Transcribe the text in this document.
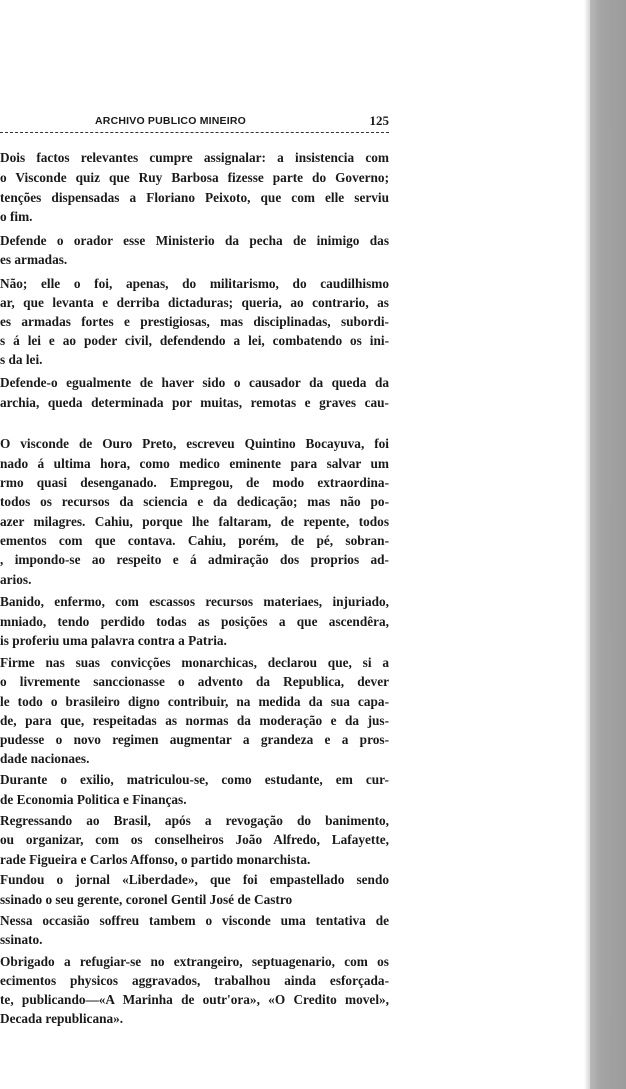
ARCHIVO PUBLICO MINEIRO	125
Dois factos relevantes cumpre assignalar: a insistencia com
o Visconde quiz que Ruy Barbosa fizesse parte do Governo;
tenções dispensadas a Floriano Peixoto, que com elle serviu
o fim.
Defende o orador esse Ministerio da pecha de inimigo das
es armadas.
Não; elle o foi, apenas, do militarismo, do caudilhismo
ar, que levanta e derriba dictaduras; queria, ao contrario, as
es armadas fortes e prestigiosas, mas disciplinadas, subordi-
s á lei e ao poder civil, defendendo a lei, combatendo os ini-
s da lei.
Defende-o egualmente de haver sido o causador da queda da
archia, queda determinada por muitas, remotas e graves cau-
O visconde de Ouro Preto, escreveu Quintino Bocayuva, foi
nado á ultima hora, como medico eminente para salvar um
rmo quasi desenganado. Empregou, de modo extraordina-
todos os recursos da sciencia e da dedicação; mas não po-
azer milagres. Cahiu, porque lhe faltaram, de repente, todos
ementos com que contava. Cahiu, porém, de pé, sobran-
, impondo-se ao respeito e á admiração dos proprios ad-
arios.
Banido, enfermo, com escassos recursos materiaes, injuriado,
mniado, tendo perdido todas as posições a que ascendêra,
is proferiu uma palavra contra a Patria.
Firme nas suas convicções monarchicas, declarou que, si a
o livremente sanccionasse o advento da Republica, dever
le todo o brasileiro digno contribuir, na medida da sua capa-
de, para que, respeitadas as normas da moderação e da jus-
pudesse o novo regimen augmentar a grandeza e a pros-
dade nacionaes.
Durante o exilio, matriculou-se, como estudante, em cur-
de Economia Politica e Finanças.
Regressando ao Brasil, após a revogação do banimento,
ou organizar, com os conselheiros João Alfredo, Lafayette,
rade Figueira e Carlos Affonso, o partido monarchista.
Fundou o jornal «Liberdade», que foi empastellado sendo
ssinado o seu gerente, coronel Gentil José de Castro
Nessa occasião soffreu tambem o visconde uma tentativa de
ssinato.
Obrigado a refugiar-se no extrangeiro, septuagenario, com os
ecimentos physicos aggravados, trabalhou ainda esforçada-
te, publicando—«A Marinha de outr'ora», «O Credito movel»,
Decada republicana».
